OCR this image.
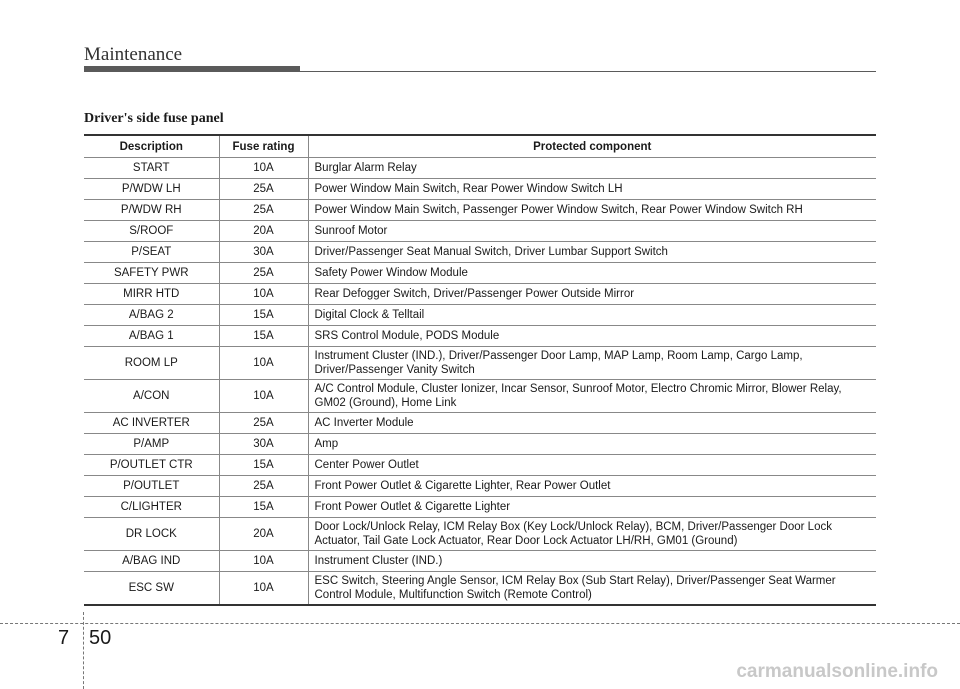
Maintenance
Driver's side fuse panel
Description	Fuse rating	Protected component
START	10A	Burglar Alarm Relay
P/WDW LH	25A	Power Window Main Switch, Rear Power Window Switch LH
P/WDW RH	25A	Power Window Main Switch, Passenger Power Window Switch, Rear Power Window Switch RH
S/ROOF	20A	Sunroof Motor
P/SEAT	30A	Driver/Passenger Seat Manual Switch, Driver Lumbar Support Switch
SAFETY PWR	25A	Safety Power Window Module
MIRR HTD	10A	Rear Defogger Switch, Driver/Passenger Power Outside Mirror
A/BAG 2	15A	Digital Clock & Telltail
A/BAG 1	15A	SRS Control Module, PODS Module
ROOM LP	10A	Instrument Cluster (IND.), Driver/Passenger Door Lamp, MAP Lamp, Room Lamp, Cargo Lamp, Driver/Passenger Vanity Switch
A/CON	10A	A/C Control Module, Cluster Ionizer, Incar Sensor, Sunroof Motor, Electro Chromic Mirror, Blower Relay, GM02 (Ground), Home Link
AC INVERTER	25A	AC Inverter Module
P/AMP	30A	Amp
P/OUTLET CTR	15A	Center Power Outlet
P/OUTLET	25A	Front Power Outlet & Cigarette Lighter, Rear Power Outlet
C/LIGHTER	15A	Front Power Outlet & Cigarette Lighter
DR LOCK	20A	Door Lock/Unlock Relay, ICM Relay Box (Key Lock/Unlock Relay), BCM, Driver/Passenger Door Lock Actuator, Tail Gate Lock Actuator, Rear Door Lock Actuator LH/RH, GM01 (Ground)
A/BAG IND	10A	Instrument Cluster (IND.)
ESC SW	10A	ESC Switch, Steering Angle Sensor, ICM Relay Box (Sub Start Relay), Driver/Passenger Seat Warmer Control Module, Multifunction Switch (Remote Control)
7 50
carmanualsonline.info
